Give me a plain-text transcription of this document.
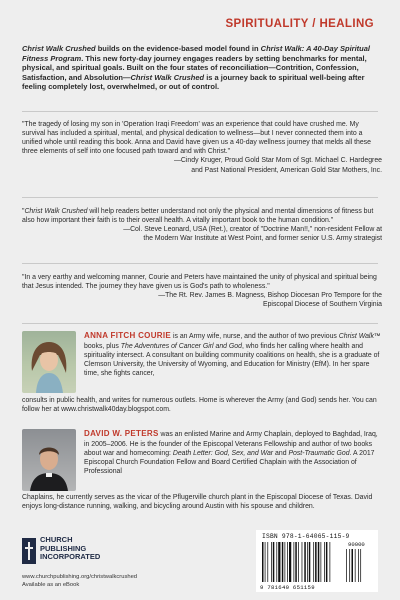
SPIRITUALITY / HEALING

Christ Walk Crushed builds on the evidence-based model found in Christ Walk: A 40-Day Spiritual Fitness Program. This new forty-day journey engages readers by setting benchmarks for mental, physical, and spiritual goals. Built on the four states of reconciliation—Contrition, Confession, Satisfaction, and Absolution—Christ Walk Crushed is a journey back to spiritual well-being after feeling completely lost, overwhelmed, or out of control.

"The tragedy of losing my son in 'Operation Iraqi Freedom' was an experience that could have crushed me. My survival has included a spiritual, mental, and physical dedication to wellness—but I never connected them into a unified whole until reading this book. Anna and David have given us a 40-day wellness journey that melds all these three elements of self into one focused path toward and with Christ."
—Cindy Kruger, Proud Gold Star Mom of Sgt. Michael C. Hardegree
and Past National President, American Gold Star Mothers, Inc.

"Christ Walk Crushed will help readers better understand not only the physical and mental dimensions of fitness but also how important their faith is to their overall health. A vitally important book to the human condition."
—Col. Steve Leonard, USA (Ret.), creator of "Doctrine Man!!," non-resident Fellow at
the Modern War Institute at West Point, and former senior U.S. Army strategist

"In a very earthy and welcoming manner, Courie and Peters have maintained the unity of physical and spiritual being that Jesus intended. The journey they have given us is God's path to wholeness."
—The Rt. Rev. James B. Magness, Bishop Diocesan Pro Tempore for the
Episcopal Diocese of Southern Virginia

ANNA FITCH COURIE is an Army wife, nurse, and the author of two previous Christ Walk™ books, plus The Adventures of Cancer Girl and God, who finds her calling where health and spirituality intersect. A consultant on building community coalitions on health, she is a graduate of Clemson University, the University of Wyoming, and Education for Ministry (EfM). In her spare time, she fights cancer,

consults in public health, and writes for numerous outlets. Home is wherever the Army (and God) sends her. You can follow her at www.christwalk40day.blogspot.com.

DAVID W. PETERS was an enlisted Marine and Army Chaplain, deployed to Baghdad, Iraq, in 2005–2006. He is the founder of the Episcopal Veterans Fellowship and author of two books about war and homecoming: Death Letter: God, Sex, and War and Post-Traumatic God. A 2017 Episcopal Church Foundation Fellow and Board Certified Chaplain with the Association of Professional

Chaplains, he currently serves as the vicar of the Pflugerville church plant in the Episcopal Diocese of Texas. David enjoys long-distance running, walking, and bicycling around Austin with his spouse and children.

CHURCH
PUBLISHING
INCORPORATED

www.churchpublishing.org/christwalkcrushed
Available as an eBook
ISBN 978-1-64065-115-9
90000
9 781640 651159
